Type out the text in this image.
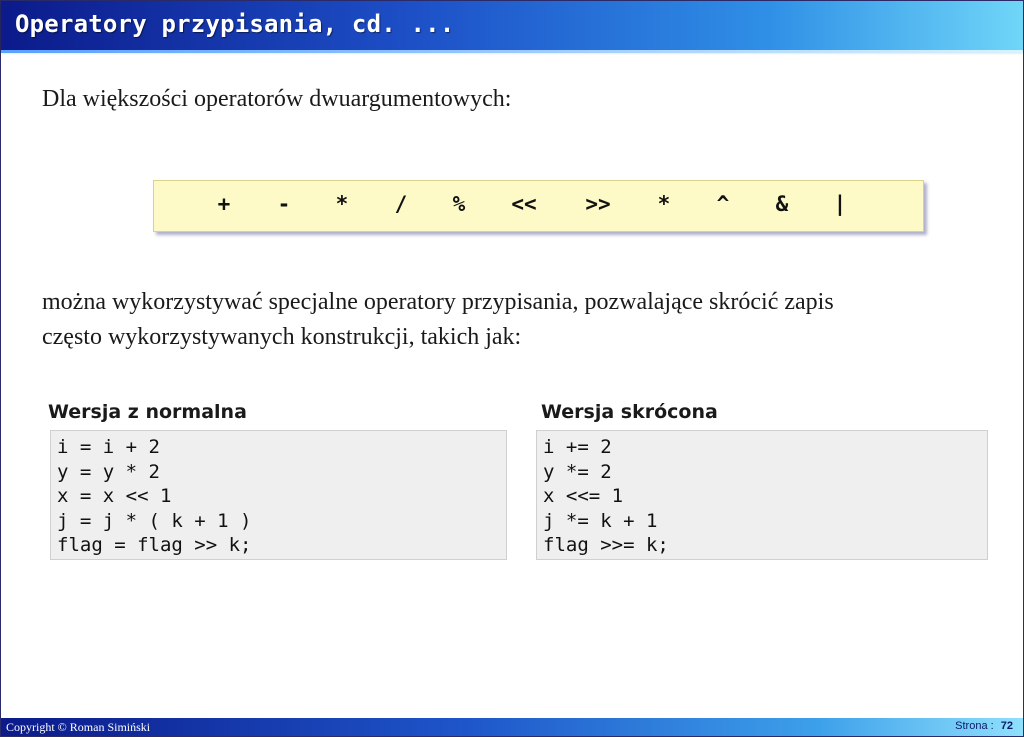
Operatory przypisania, cd. ...
Dla większości operatorów dwuargumentowych:
+ - * / % << >> * ^ & |
można wykorzystywać specjalne operatory przypisania, pozwalające skrócić zapis
często wykorzystywanych konstrukcji, takich jak:
Wersja z normalna
i = i + 2
y = y * 2
x = x << 1
j = j * ( k + 1 )
flag = flag >> k;
Wersja skrócona
i += 2
y *= 2
x <<= 1
j *= k + 1
flag >>= k;
Copyright © Roman Simiński	Strona : 72
